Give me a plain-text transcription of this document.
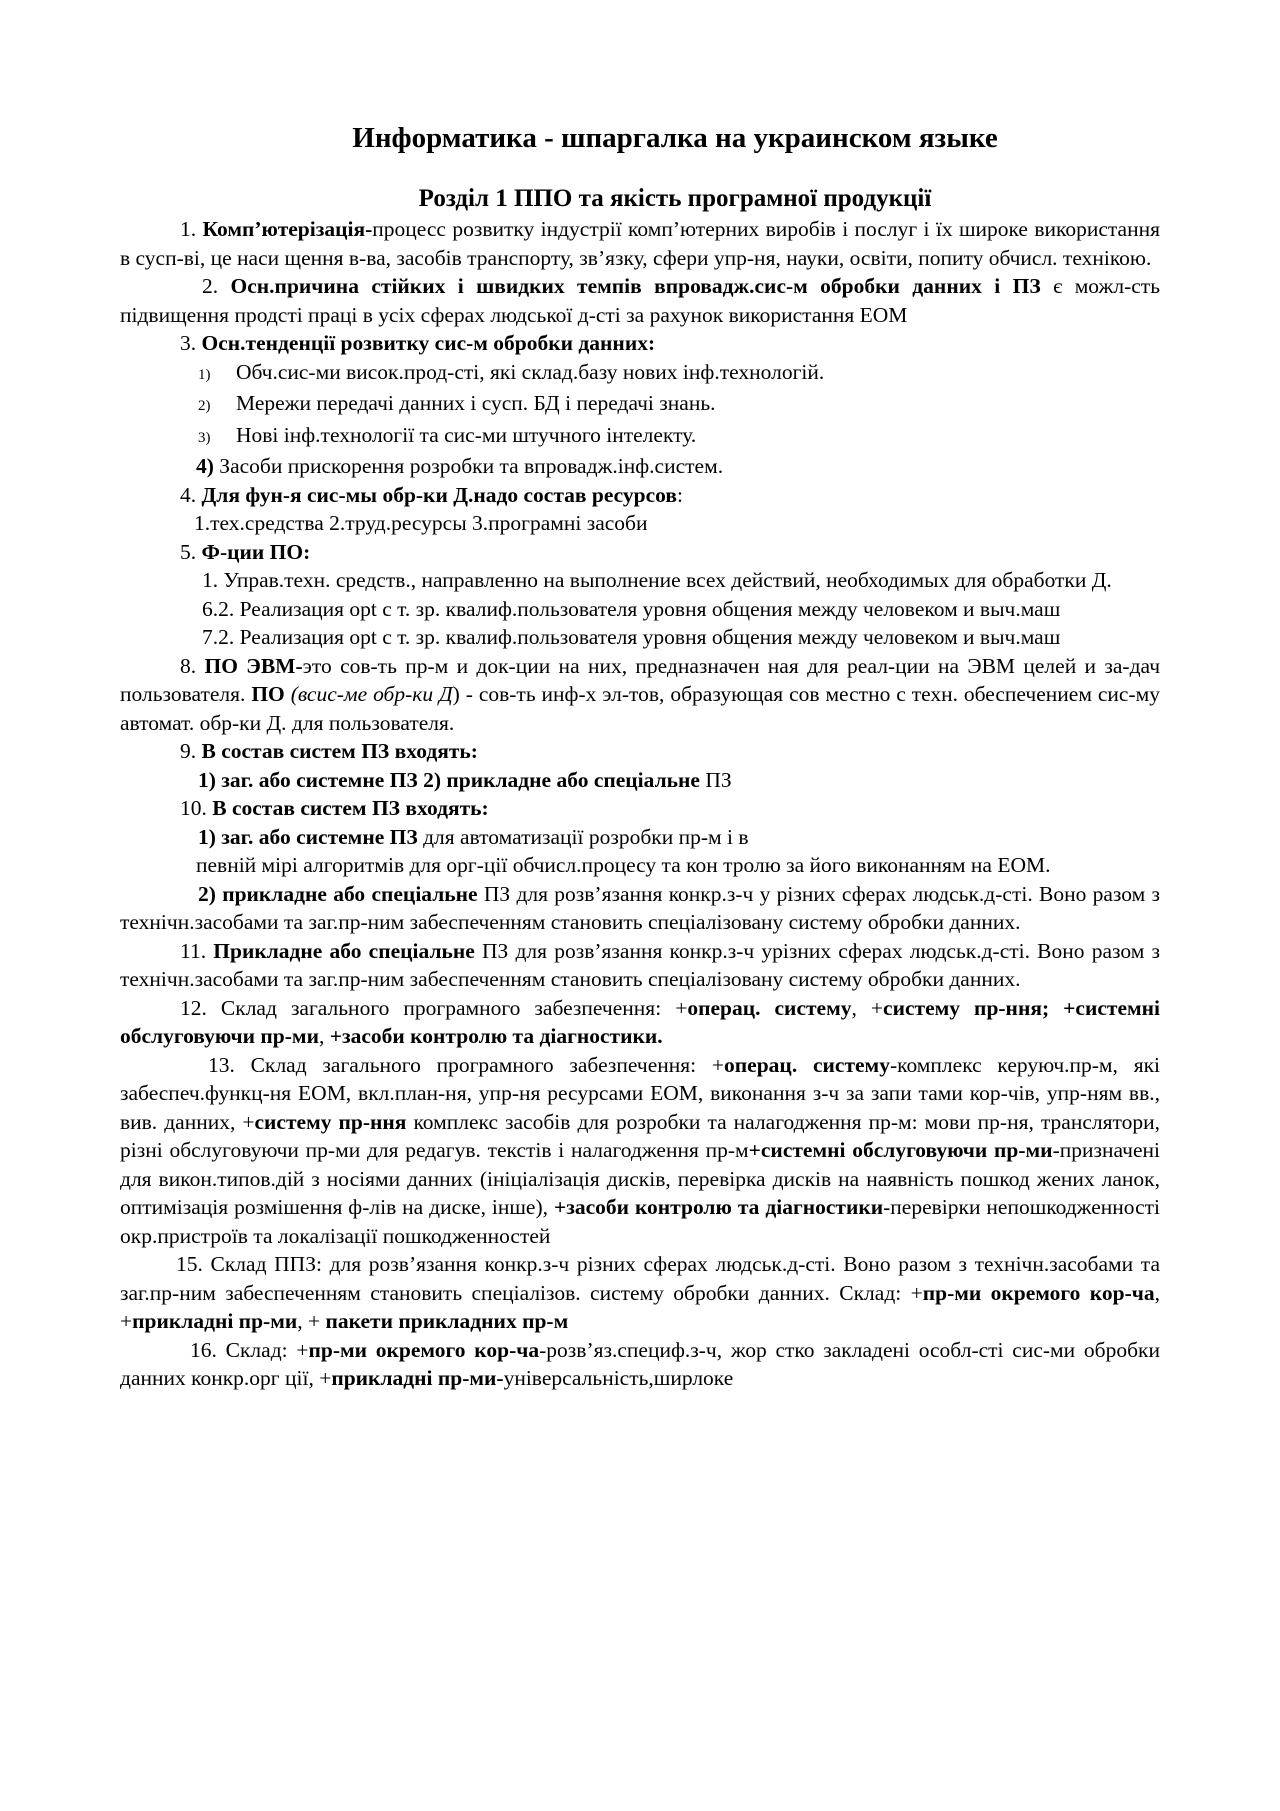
Информатика - шпаргалка на украинском языке
Розділ 1 ППО та якість програмної продукції

1. Комп’ютерізація-процесс розвитку індустрії комп’ютерних виробів і послуг і їх широке використання в сусп-ві, це наси щення в-ва, засобів транспорту, зв’язку, сфери упр-ня, науки, освіти, попиту обчисл. технікою.

2. Осн.причина стійких і швидких темпів впровадж.сис-м обробки данних і ПЗ є можл-сть підвищення продсті праці в усіх сферах людської д-сті за рахунок використання ЕОМ

3. Осн.тенденції розвитку сис-м обробки данних:

1) Обч.сис-ми висок.прод-сті, які склад.базу нових інф.технологій.

2) Мережи передачі данних і сусп. БД і передачі знань.

3) Нові інф.технології та сис-ми штучного інтелекту.

4) Засоби прискорення розробки та впровадж.інф.систем.

4. Для фун-я сис-мы обр-ки Д.надо состав ресурсов:

1.тех.средства 2.труд.ресурсы 3.програмні засоби

5. Ф-ции ПО:

1. Управ.техн. средств., направленно на выполнение всех действий, необходимых для обработки Д.

6.2. Реализация opt с т. зр. квалиф.пользователя уровня общения между человеком и выч.маш

7.2. Реализация opt с т. зр. квалиф.пользователя уровня общения между человеком и выч.маш

8. ПО ЭВМ-это сов-ть пр-м и док-ции на них, предназначен ная для реал-ции на ЭВМ целей и за-дач пользователя. ПО (всис-ме обр-ки Д) - сов-ть инф-х эл-тов, образующая сов местно с техн. обеспечением сис-му автомат. обр-ки Д. для пользователя.

9. В состав систем ПЗ входять:

1) заг. або системне ПЗ 2) прикладне або спеціальне ПЗ

10. В состав систем ПЗ входять:

1) заг. або системне ПЗ для автоматизації розробки пр-м і в

певній мірі алгоритмів для орг-ції обчисл.процесу та кон тролю за його виконанням на ЕОМ.

2) прикладне або спеціальне ПЗ для розв’язання конкр.з-ч у різних сферах людськ.д-сті. Воно разом з технічн.засобами та заг.пр-ним забеспеченням становить спеціалізовану систему обробки данних.

11. Прикладне або спеціальне ПЗ для розв’язання конкр.з-ч урізних сферах людськ.д-сті. Воно разом з технічн.засобами та заг.пр-ним забеспеченням становить спеціалізовану систему обробки данних.

12. Склад загального програмного забезпечення: +операц. систему, +систему пр-ння; +системні обслуговуючи пр-ми, +засоби контролю та діагностики.

13. Склад загального програмного забезпечення: +операц. систему-комплекс керуюч.пр-м, які забеспеч.функц-ня ЕОМ, вкл.план-ня, упр-ня ресурсами ЕОМ, виконання з-ч за запи тами кор-чів, упр-ням вв., вив. данних, +систему пр-ння комплекс засобів для розробки та налагодження пр-м: мови пр-ня, транслятори, різні обслуговуючи пр-ми для редагув. текстів і налагодження пр-м+системні обслуговуючи пр-ми-призначені для викон.типов.дій з носіями данних (ініціалізація дисків, перевірка дисків на наявність пошкод жених ланок, оптимізація розмішення ф-лів на диске, інше), +засоби контролю та діагностики-перевірки непошкодженності окр.пристроїв та локалізації пошкодженностей

15. Склад ППЗ: для розв’язання конкр.з-ч різних сферах людськ.д-сті. Воно разом з технічн.засобами та заг.пр-ним забеспеченням становить спеціалізов. систему обробки данних. Склад: +пр-ми окремого кор-ча, +прикладні пр-ми, + пакети прикладних пр-м

16. Склад: +пр-ми окремого кор-ча-розв’яз.специф.з-ч, жор стко закладені особл-сті сис-ми обробки данних конкр.орг ції, +прикладні пр-ми-універсальність,ширлоке
